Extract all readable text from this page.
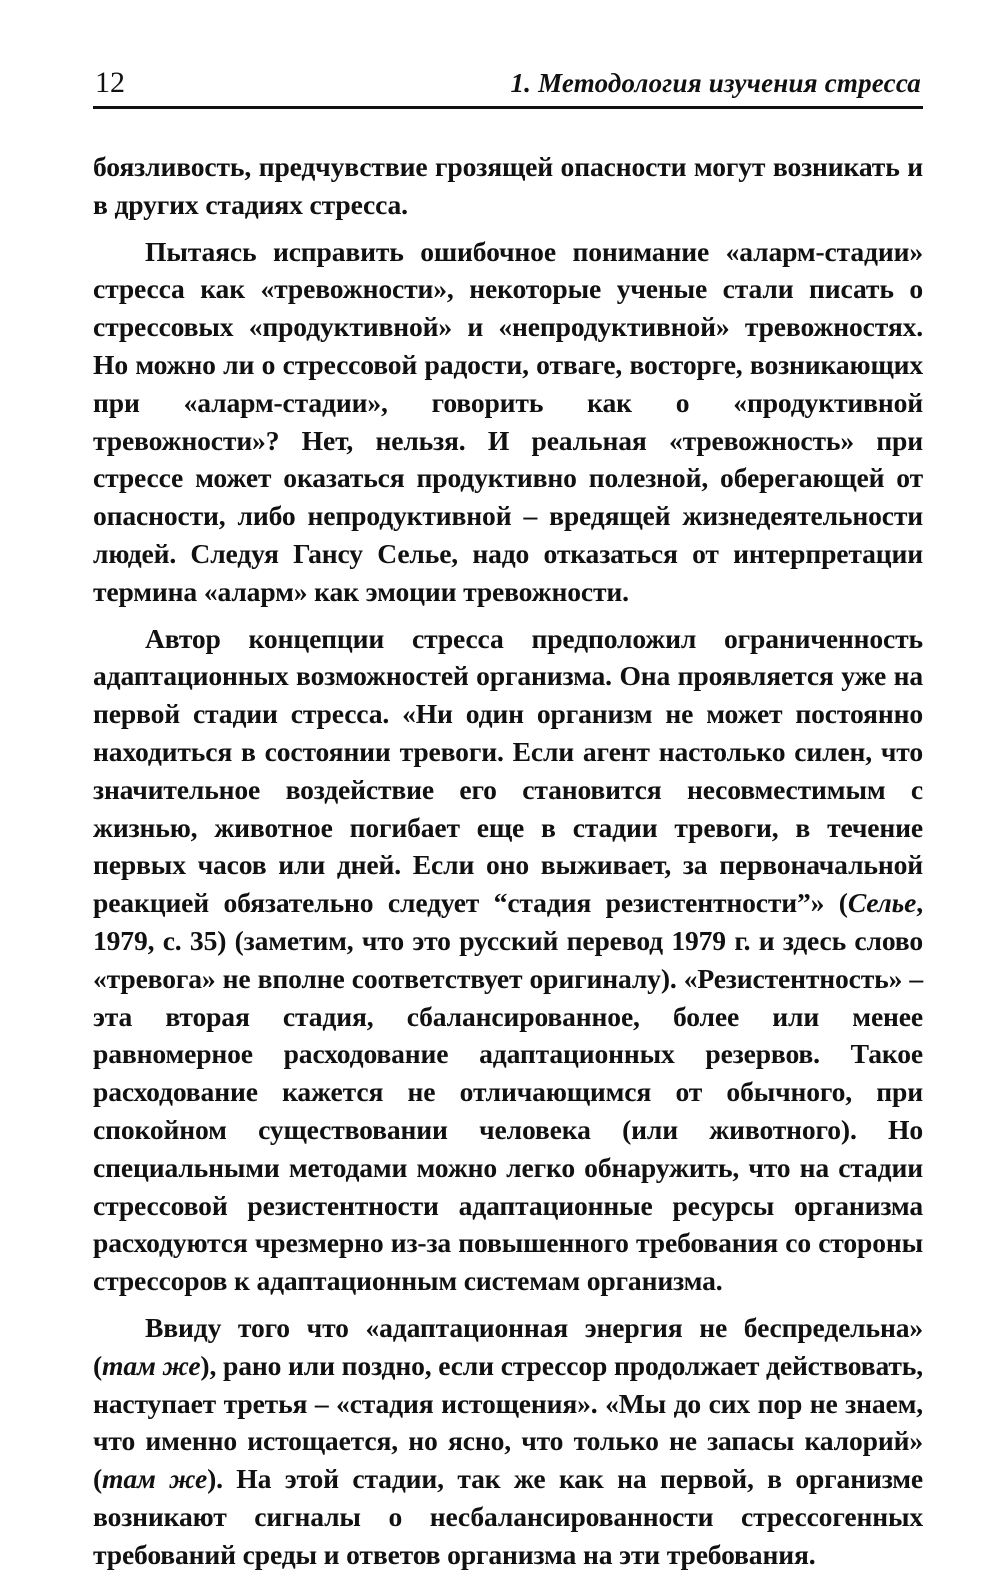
12	1. Методология изучения стресса

боязливость, предчувствие грозящей опасности могут возникать и в других стадиях стресса.

Пытаясь исправить ошибочное понимание «аларм-стадии» стресса как «тревожности», некоторые ученые стали писать о стрессовых «продуктивной» и «непродуктивной» тревожностях. Но можно ли о стрессовой радости, отваге, восторге, возникающих при «аларм-стадии», говорить как о «продуктивной тревожности»? Нет, нельзя. И реальная «тревожность» при стрессе может оказаться продуктивно полезной, оберегающей от опасности, либо непродуктивной – вредящей жизнедеятельности людей. Следуя Гансу Селье, надо отказаться от интерпретации термина «аларм» как эмоции тревожности.

Автор концепции стресса предположил ограниченность адаптационных возможностей организма. Она проявляется уже на первой стадии стресса. «Ни один организм не может постоянно находиться в состоянии тревоги. Если агент настолько силен, что значительное воздействие его становится несовместимым с жизнью, животное погибает еще в стадии тревоги, в течение первых часов или дней. Если оно выживает, за первоначальной реакцией обязательно следует “стадия резистентности”» (Селье, 1979, с. 35) (заметим, что это русский перевод 1979 г. и здесь слово «тревога» не вполне соответствует оригиналу). «Резистентность» – эта вторая стадия, сбалансированное, более или менее равномерное расходование адаптационных резервов. Такое расходование кажется не отличающимся от обычного, при спокойном существовании человека (или животного). Но специальными методами можно легко обнаружить, что на стадии стрессовой резистентности адаптационные ресурсы организма расходуются чрезмерно из-за повышенного требования со стороны стрессоров к адаптационным системам организма.

Ввиду того что «адаптационная энергия не беспредельна» (там же), рано или поздно, если стрессор продолжает действовать, наступает третья – «стадия истощения». «Мы до сих пор не знаем, что именно истощается, но ясно, что только не запасы калорий» (там же). На этой стадии, так же как на первой, в организме возникают сигналы о несбалансированности стрессогенных требований среды и ответов организма на эти требования.
